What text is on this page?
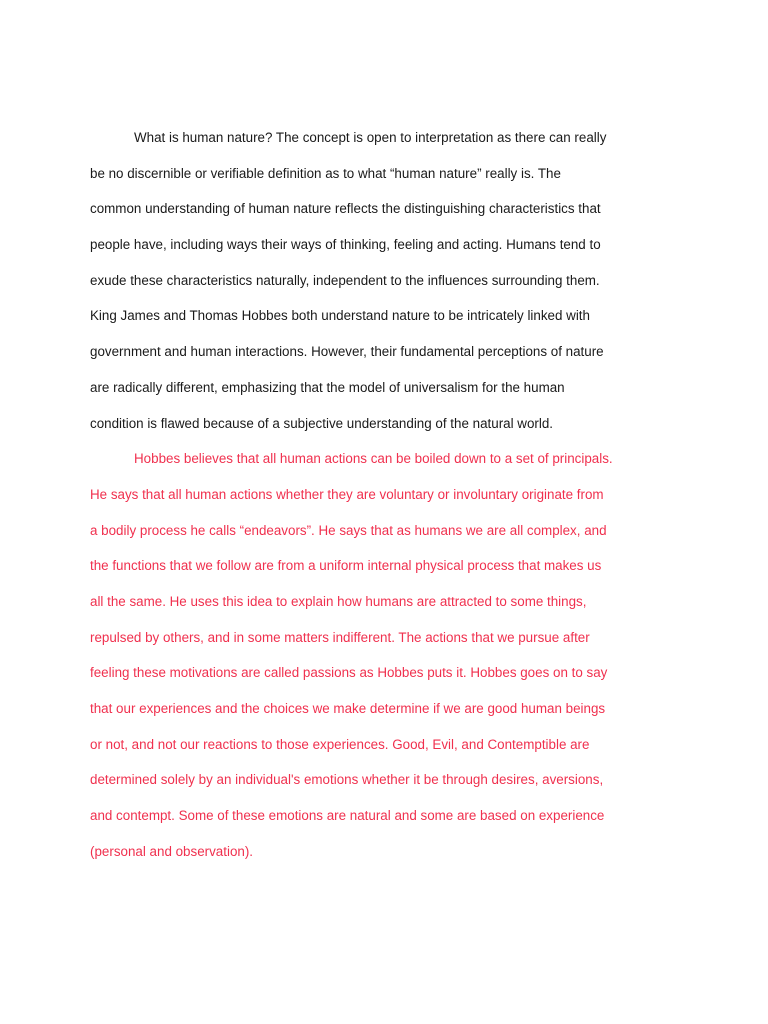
What is human nature? The concept is open to interpretation as there can really
be no discernible or verifiable definition as to what “human nature” really is. The
common understanding of human nature reflects the distinguishing characteristics that
people have, including ways their ways of thinking, feeling and acting. Humans tend to
exude these characteristics naturally, independent to the influences surrounding them.
King James and Thomas Hobbes both understand nature to be intricately linked with
government and human interactions. However, their fundamental perceptions of nature
are radically different, emphasizing that the model of universalism for the human
condition is flawed because of a subjective understanding of the natural world.
Hobbes believes that all human actions can be boiled down to a set of principals.
He says that all human actions whether they are voluntary or involuntary originate from
a bodily process he calls “endeavors”. He says that as humans we are all complex, and
the functions that we follow are from a uniform internal physical process that makes us
all the same. He uses this idea to explain how humans are attracted to some things,
repulsed by others, and in some matters indifferent. The actions that we pursue after
feeling these motivations are called passions as Hobbes puts it. Hobbes goes on to say
that our experiences and the choices we make determine if we are good human beings
or not, and not our reactions to those experiences. Good, Evil, and Contemptible are
determined solely by an individual's emotions whether it be through desires, aversions,
and contempt. Some of these emotions are natural and some are based on experience
(personal and observation).
